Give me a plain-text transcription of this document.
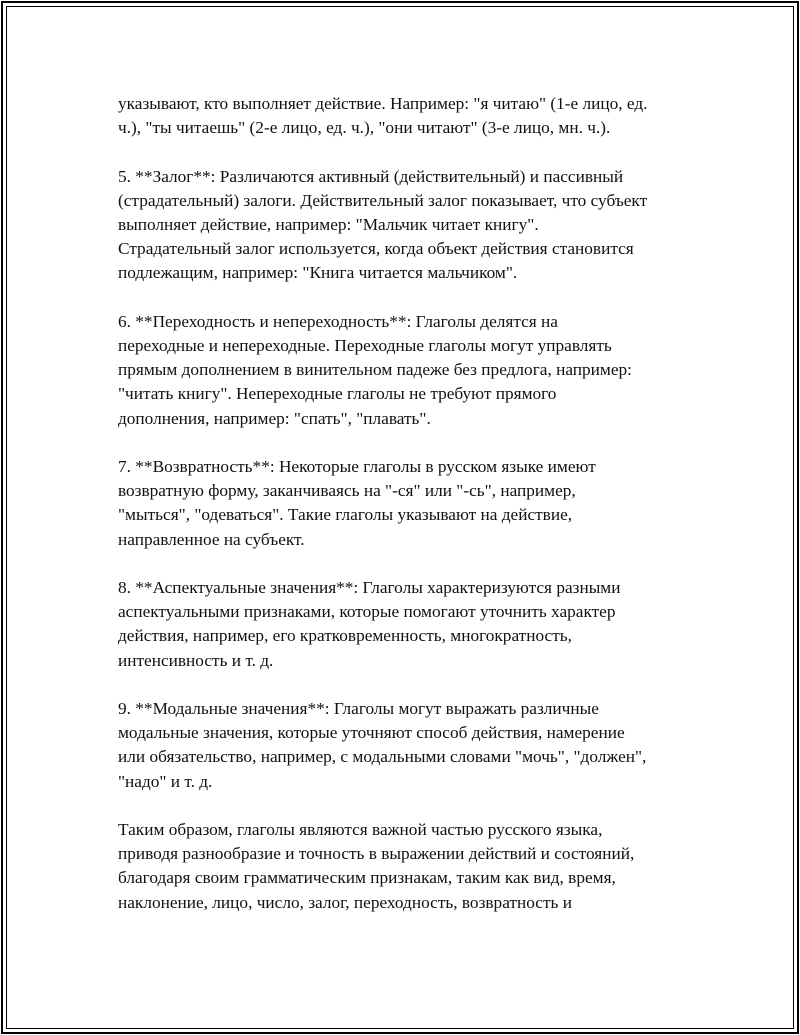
указывают, кто выполняет действие. Например: "я читаю" (1-е лицо, ед.
ч.), "ты читаешь" (2-е лицо, ед. ч.), "они читают" (3-е лицо, мн. ч.).

5. **Залог**: Различаются активный (действительный) и пассивный
(страдательный) залоги. Действительный залог показывает, что субъект
выполняет действие, например: "Мальчик читает книгу".
Страдательный залог используется, когда объект действия становится
подлежащим, например: "Книга читается мальчиком".

6. **Переходность и непереходность**: Глаголы делятся на
переходные и непереходные. Переходные глаголы могут управлять
прямым дополнением в винительном падеже без предлога, например:
"читать книгу". Непереходные глаголы не требуют прямого
дополнения, например: "спать", "плавать".

7. **Возвратность**: Некоторые глаголы в русском языке имеют
возвратную форму, заканчиваясь на "-ся" или "-сь", например,
"мыться", "одеваться". Такие глаголы указывают на действие,
направленное на субъект.

8. **Аспектуальные значения**: Глаголы характеризуются разными
аспектуальными признаками, которые помогают уточнить характер
действия, например, его кратковременность, многократность,
интенсивность и т. д.

9. **Модальные значения**: Глаголы могут выражать различные
модальные значения, которые уточняют способ действия, намерение
или обязательство, например, с модальными словами "мочь", "должен",
"надо" и т. д.

Таким образом, глаголы являются важной частью русского языка,
приводя разнообразие и точность в выражении действий и состояний,
благодаря своим грамматическим признакам, таким как вид, время,
наклонение, лицо, число, залог, переходность, возвратность и
